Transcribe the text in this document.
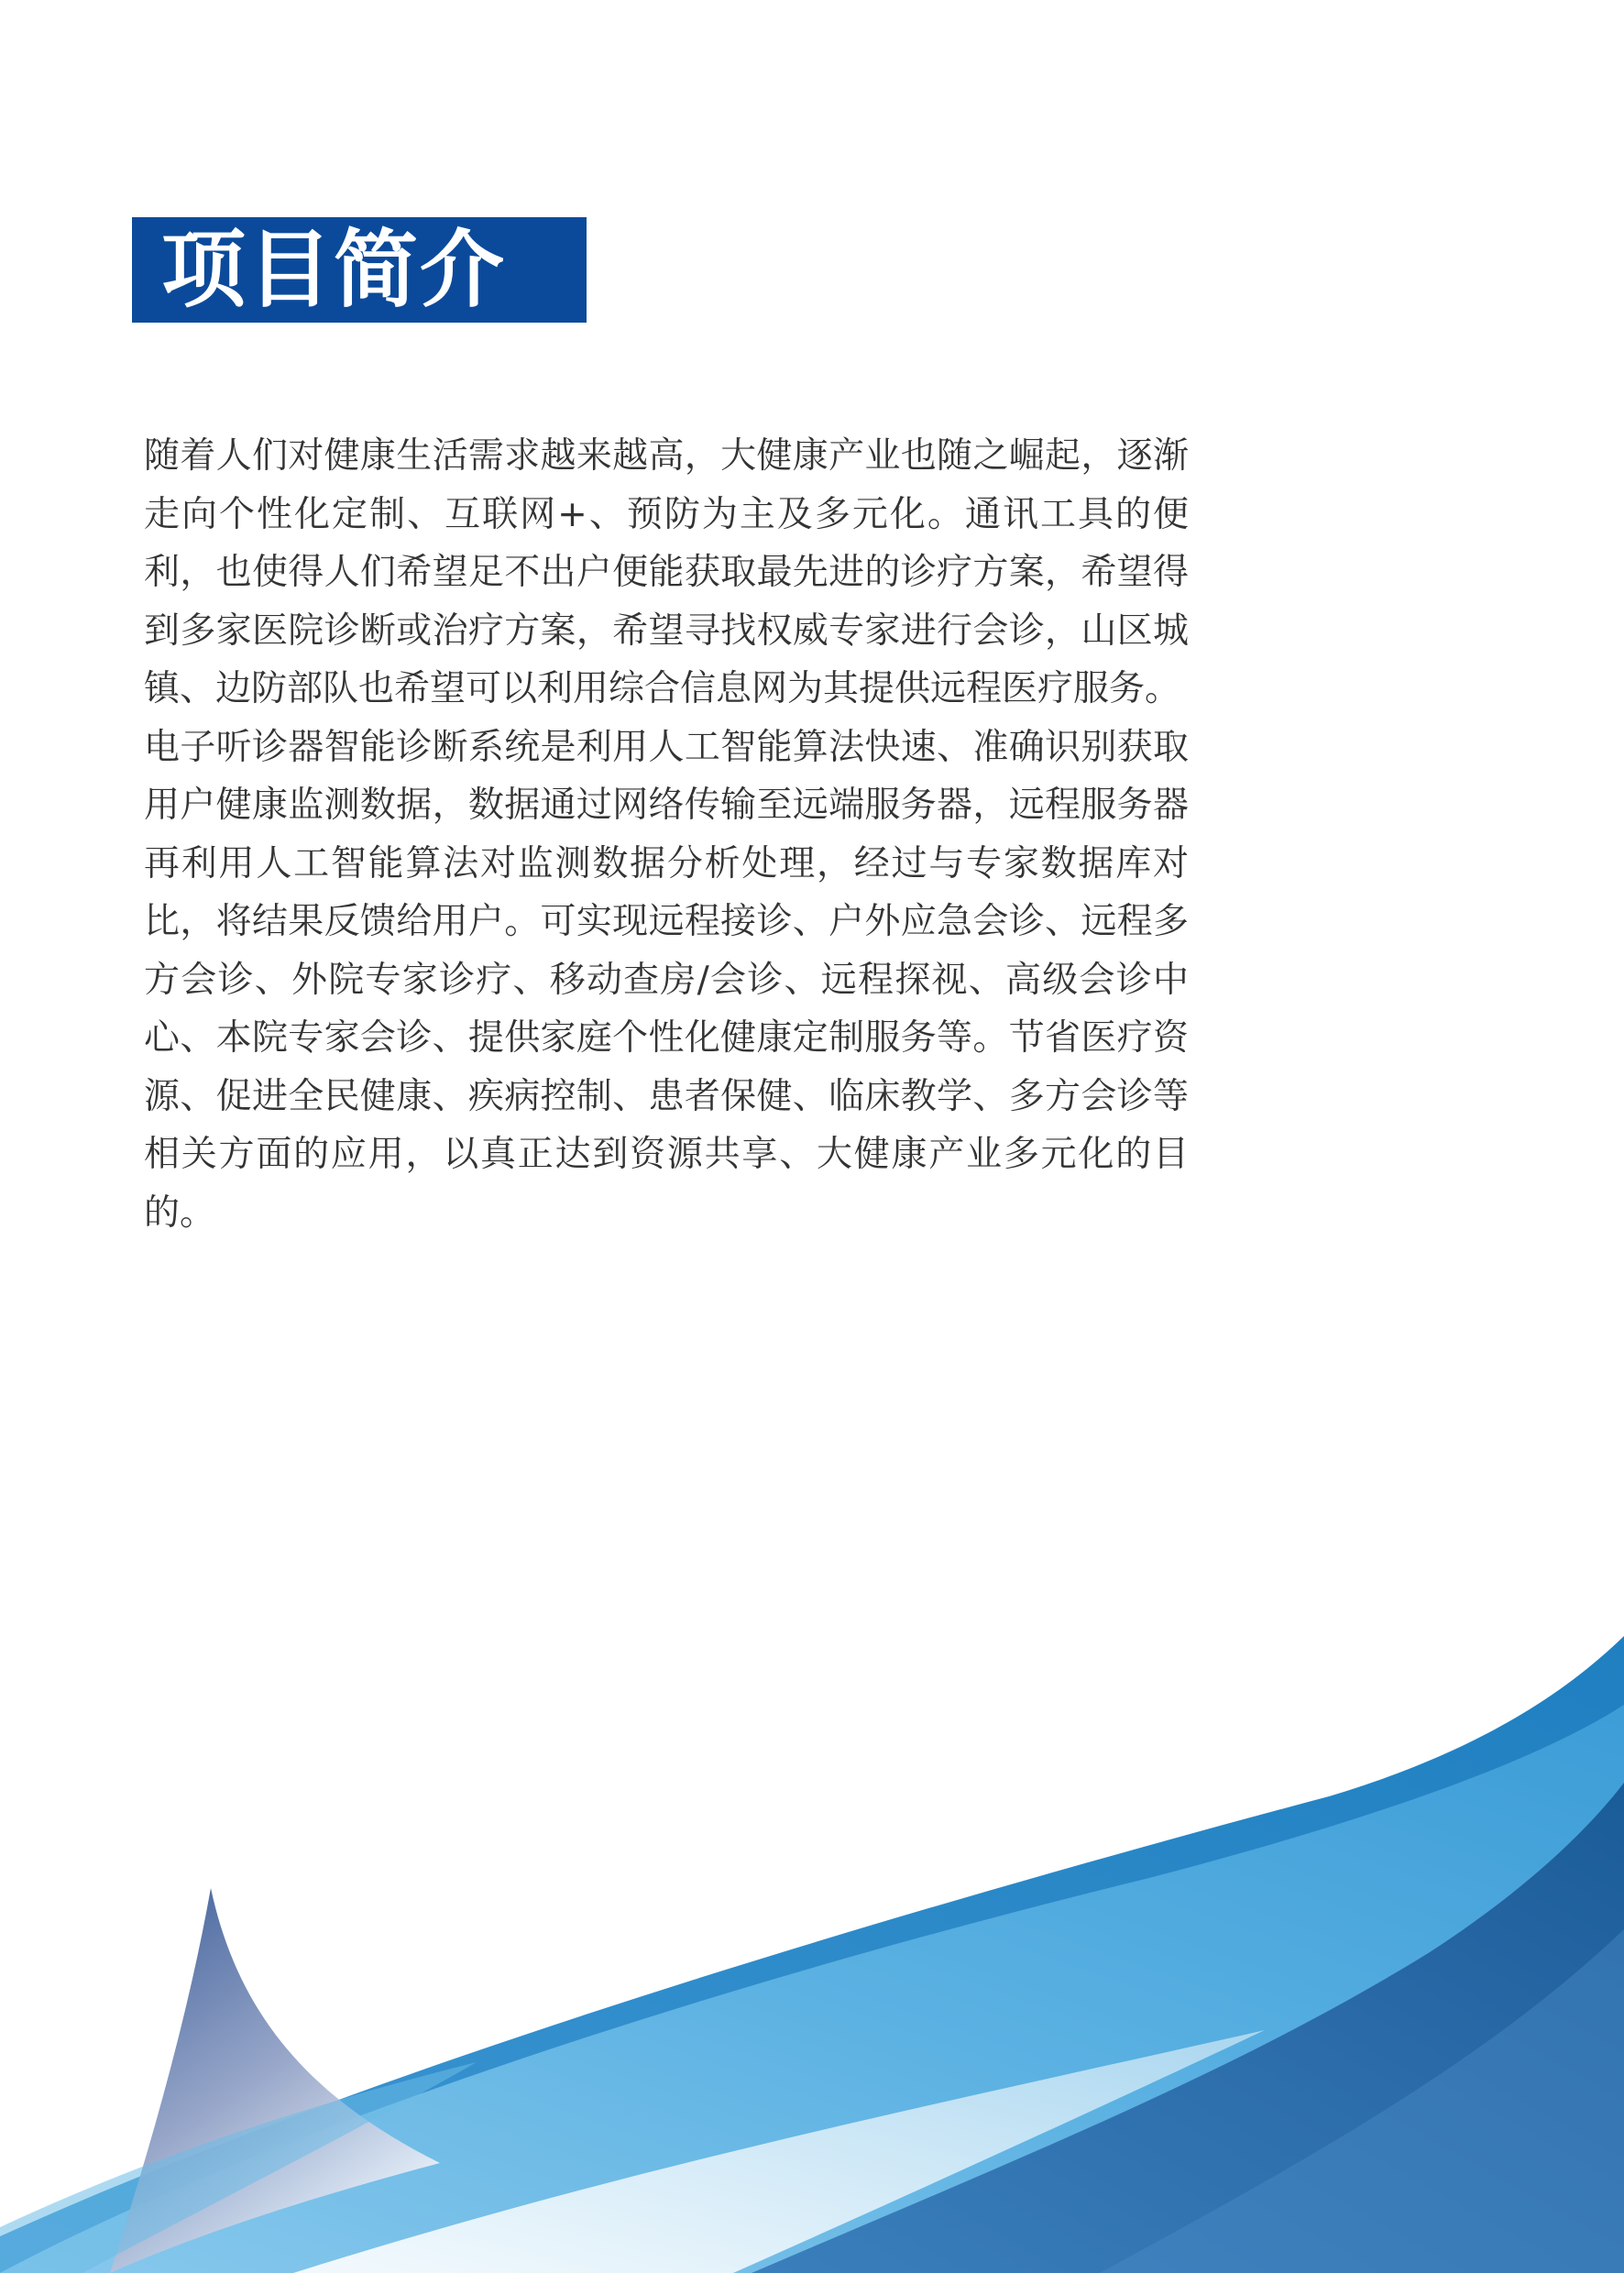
项目简介

随着人们对健康生活需求越来越高，大健康产业也随之崛起，逐渐走向个性化定制、互联网+、预防为主及多元化。通讯工具的便利，也使得人们希望足不出户便能获取最先进的诊疗方案，希望得到多家医院诊断或治疗方案，希望寻找权威专家进行会诊，山区城镇、边防部队也希望可以利用综合信息网为其提供远程医疗服务。

电子听诊器智能诊断系统是利用人工智能算法快速、准确识别获取用户健康监测数据，数据通过网络传输至远端服务器，远程服务器再利用人工智能算法对监测数据分析处理，经过与专家数据库对比，将结果反馈给用户。可实现远程接诊、户外应急会诊、远程多方会诊、外院专家诊疗、移动查房/会诊、远程探视、高级会诊中心、本院专家会诊、提供家庭个性化健康定制服务等。节省医疗资源、促进全民健康、疾病控制、患者保健、临床教学、多方会诊等相关方面的应用，以真正达到资源共享、大健康产业多元化的目的。
